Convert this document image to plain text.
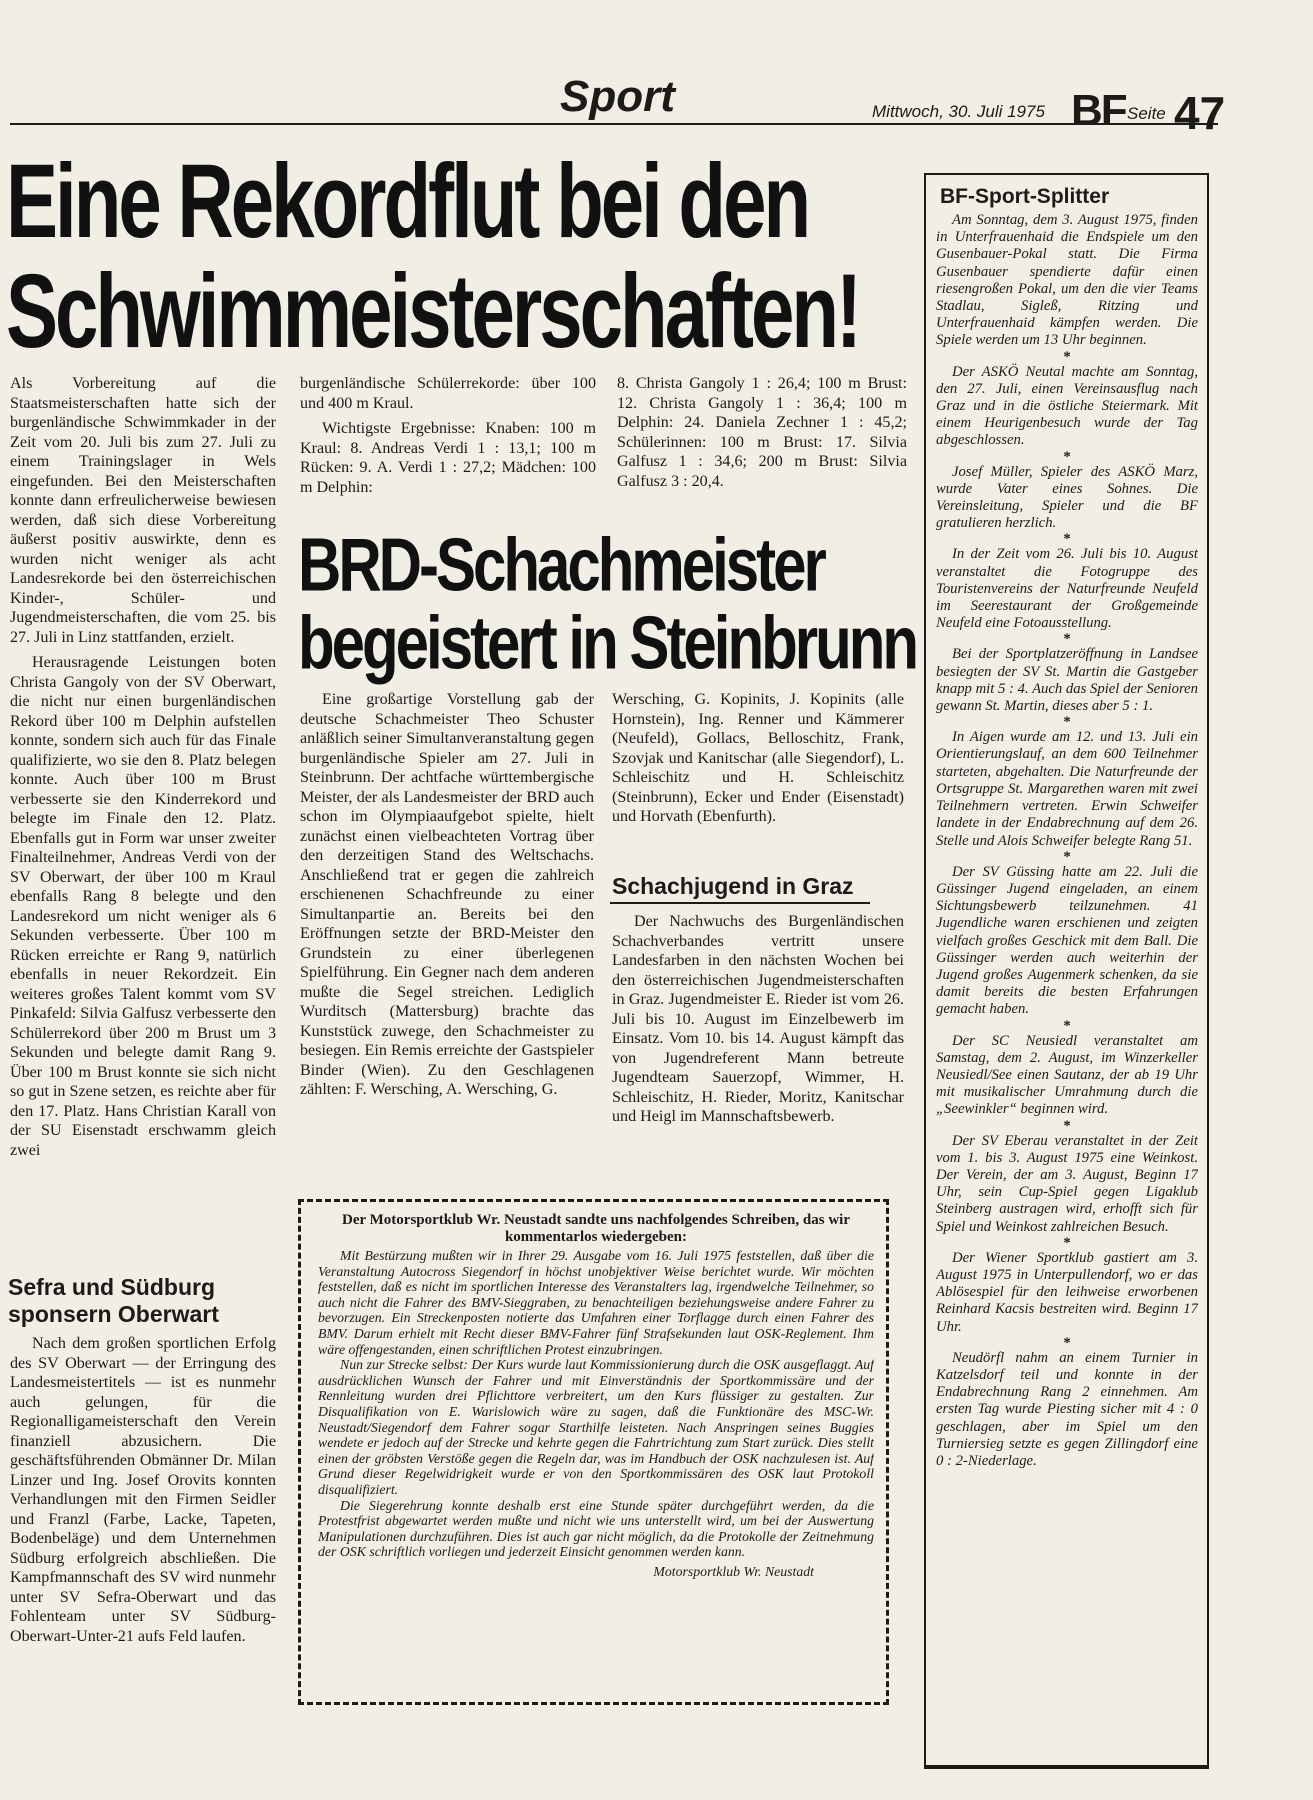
Sport	Mittwoch, 30. Juli 1975 BF Seite 47
Eine Rekordflut bei den
Schwimmeisterschaften!

Als Vorbereitung auf die Staatsmeisterschaften hatte sich der burgenländische Schwimmkader in der Zeit vom 20. Juli bis zum 27. Juli zu einem Trainingslager in Wels eingefunden. Bei den Meisterschaften konnte dann erfreulicherweise bewiesen werden, daß sich diese Vorbereitung äußerst positiv auswirkte, denn es wurden nicht weniger als acht Landesrekorde bei den österreichischen Kinder-, Schüler- und Jugendmeisterschaften, die vom 25. bis 27. Juli in Linz stattfanden, erzielt.

Herausragende Leistungen boten Christa Gangoly von der SV Oberwart, die nicht nur einen burgenländischen Rekord über 100 m Delphin aufstellen konnte, sondern sich auch für das Finale qualifizierte, wo sie den 8. Platz belegen konnte. Auch über 100 m Brust verbesserte sie den Kinderrekord und belegte im Finale den 12. Platz. Ebenfalls gut in Form war unser zweiter Finalteilnehmer, Andreas Verdi von der SV Oberwart, der über 100 m Kraul ebenfalls Rang 8 belegte und den Landesrekord um nicht weniger als 6 Sekunden verbesserte. Über 100 m Rücken erreichte er Rang 9, natürlich ebenfalls in neuer Rekordzeit. Ein weiteres großes Talent kommt vom SV Pinkafeld: Silvia Galfusz verbesserte den Schülerrekord über 200 m Brust um 3 Sekunden und belegte damit Rang 9. Über 100 m Brust konnte sie sich nicht so gut in Szene setzen, es reichte aber für den 17. Platz. Hans Christian Karall von der SU Eisenstadt erschwamm gleich zwei

burgenländische Schülerrekorde: über 100 und 400 m Kraul.

Wichtigste Ergebnisse: Knaben: 100 m Kraul: 8. Andreas Verdi 1 : 13,1; 100 m Rücken: 9. A. Verdi 1 : 27,2; Mädchen: 100 m Delphin:

8. Christa Gangoly 1 : 26,4; 100 m Brust: 12. Christa Gangoly 1 : 36,4; 100 m Delphin: 24. Daniela Zechner 1 : 45,2; Schülerinnen: 100 m Brust: 17. Silvia Galfusz 1 : 34,6; 200 m Brust: Silvia Galfusz 3 : 20,4.

BRD-Schachmeister
begeistert in Steinbrunn

Eine großartige Vorstellung gab der deutsche Schachmeister Theo Schuster anläßlich seiner Simultanveranstaltung gegen burgenländische Spieler am 27. Juli in Steinbrunn. Der achtfache württembergische Meister, der als Landesmeister der BRD auch schon im Olympiaaufgebot spielte, hielt zunächst einen vielbeachteten Vortrag über den derzeitigen Stand des Weltschachs. Anschließend trat er gegen die zahlreich erschienenen Schachfreunde zu einer Simultanpartie an. Bereits bei den Eröffnungen setzte der BRD-Meister den Grundstein zu einer überlegenen Spielführung. Ein Gegner nach dem anderen mußte die Segel streichen. Lediglich Wurditsch (Mattersburg) brachte das Kunststück zuwege, den Schachmeister zu besiegen. Ein Remis erreichte der Gastspieler Binder (Wien). Zu den Geschlagenen zählten: F. Wersching, A. Wersching, G.

Wersching, G. Kopinits, J. Kopinits (alle Hornstein), Ing. Renner und Kämmerer (Neufeld), Gollacs, Belloschitz, Frank, Szovjak und Kanitschar (alle Siegendorf), L. Schleischitz und H. Schleischitz (Steinbrunn), Ecker und Ender (Eisenstadt) und Horvath (Ebenfurth).

Schachjugend in Graz

Der Nachwuchs des Burgenländischen Schachverbandes vertritt unsere Landesfarben in den nächsten Wochen bei den österreichischen Jugendmeisterschaften in Graz. Jugendmeister E. Rieder ist vom 26. Juli bis 10. August im Einzelbewerb im Einsatz. Vom 10. bis 14. August kämpft das von Jugendreferent Mann betreute Jugendteam Sauerzopf, Wimmer, H. Schleischitz, H. Rieder, Moritz, Kanitschar und Heigl im Mannschaftsbewerb.

Sefra und Südburg
sponsern Oberwart

Nach dem großen sportlichen Erfolg des SV Oberwart — der Erringung des Landesmeistertitels — ist es nunmehr auch gelungen, für die Regionalligameisterschaft den Verein finanziell abzusichern. Die geschäftsführenden Obmänner Dr. Milan Linzer und Ing. Josef Orovits konnten Verhandlungen mit den Firmen Seidler und Franzl (Farbe, Lacke, Tapeten, Bodenbeläge) und dem Unternehmen Südburg erfolgreich abschließen. Die Kampfmannschaft des SV wird nunmehr unter SV Sefra-Oberwart und das Fohlenteam unter SV Südburg-Oberwart-Unter-21 aufs Feld laufen.

Der Motorsportklub Wr. Neustadt sandte uns nachfolgendes Schreiben, das wir kommentarlos wiedergeben:

Mit Bestürzung mußten wir in Ihrer 29. Ausgabe vom 16. Juli 1975 feststellen, daß über die Veranstaltung Autocross Siegendorf in höchst unobjektiver Weise berichtet wurde. Wir möchten feststellen, daß es nicht im sportlichen Interesse des Veranstalters lag, irgendwelche Teilnehmer, so auch nicht die Fahrer des BMV-Sieggraben, zu benachteiligen beziehungsweise andere Fahrer zu bevorzugen. Ein Streckenposten notierte das Umfahren einer Torflagge durch einen Fahrer des BMV. Darum erhielt mit Recht dieser BMV-Fahrer fünf Strafsekunden laut OSK-Reglement. Ihm wäre offengestanden, einen schriftlichen Protest einzubringen.

Nun zur Strecke selbst: Der Kurs wurde laut Kommissionierung durch die OSK ausgeflaggt. Auf ausdrücklichen Wunsch der Fahrer und mit Einverständnis der Sportkommissäre und der Rennleitung wurden drei Pflichttore verbreitert, um den Kurs flüssiger zu gestalten. Zur Disqualifikation von E. Warislowich wäre zu sagen, daß die Funktionäre des MSC-Wr. Neustadt/Siegendorf dem Fahrer sogar Starthilfe leisteten. Nach Anspringen seines Buggies wendete er jedoch auf der Strecke und kehrte gegen die Fahrtrichtung zum Start zurück. Dies stellt einen der gröbsten Verstöße gegen die Regeln dar, was im Handbuch der OSK nachzulesen ist. Auf Grund dieser Regelwidrigkeit wurde er von den Sportkommissären des OSK laut Protokoll disqualifiziert.

Die Siegerehrung konnte deshalb erst eine Stunde später durchgeführt werden, da die Protestfrist abgewartet werden mußte und nicht wie uns unterstellt wird, um bei der Auswertung Manipulationen durchzuführen. Dies ist auch gar nicht möglich, da die Protokolle der Zeitnehmung der OSK schriftlich vorliegen und jederzeit Einsicht genommen werden kann.

Motorsportklub Wr. Neustadt
BF-Sport-Splitter

Am Sonntag, dem 3. August 1975, finden in Unterfrauenhaid die Endspiele um den Gusenbauer-Pokal statt. Die Firma Gusenbauer spendierte dafür einen riesengroßen Pokal, um den die vier Teams Stadlau, Sigleß, Ritzing und Unterfrauenhaid kämpfen werden. Die Spiele werden um 13 Uhr beginnen.

*

Der ASKÖ Neutal machte am Sonntag, den 27. Juli, einen Vereinsausflug nach Graz und in die östliche Steiermark. Mit einem Heurigenbesuch wurde der Tag abgeschlossen.

*

Josef Müller, Spieler des ASKÖ Marz, wurde Vater eines Sohnes. Die Vereinsleitung, Spieler und die BF gratulieren herzlich.

*

In der Zeit vom 26. Juli bis 10. August veranstaltet die Fotogruppe des Touristenvereins der Naturfreunde Neufeld im Seerestaurant der Großgemeinde Neufeld eine Fotoausstellung.

*

Bei der Sportplatzeröffnung in Landsee besiegten der SV St. Martin die Gastgeber knapp mit 5 : 4. Auch das Spiel der Senioren gewann St. Martin, dieses aber 5 : 1.

*

In Aigen wurde am 12. und 13. Juli ein Orientierungslauf, an dem 600 Teilnehmer starteten, abgehalten. Die Naturfreunde der Ortsgruppe St. Margarethen waren mit zwei Teilnehmern vertreten. Erwin Schweifer landete in der Endabrechnung auf dem 26. Stelle und Alois Schweifer belegte Rang 51.

*

Der SV Güssing hatte am 22. Juli die Güssinger Jugend eingeladen, an einem Sichtungsbewerb teilzunehmen. 41 Jugendliche waren erschienen und zeigten vielfach großes Geschick mit dem Ball. Die Güssinger werden auch weiterhin der Jugend großes Augenmerk schenken, da sie damit bereits die besten Erfahrungen gemacht haben.

*

Der SC Neusiedl veranstaltet am Samstag, dem 2. August, im Winzerkeller Neusiedl/See einen Sautanz, der ab 19 Uhr mit musikalischer Umrahmung durch die „Seewinkler“ beginnen wird.

*

Der SV Eberau veranstaltet in der Zeit vom 1. bis 3. August 1975 eine Weinkost. Der Verein, der am 3. August, Beginn 17 Uhr, sein Cup-Spiel gegen Ligaklub Steinberg austragen wird, erhofft sich für Spiel und Weinkost zahlreichen Besuch.

*

Der Wiener Sportklub gastiert am 3. August 1975 in Unterpullendorf, wo er das Ablösespiel für den leihweise erworbenen Reinhard Kacsis bestreiten wird. Beginn 17 Uhr.

*

Neudörfl nahm an einem Turnier in Katzelsdorf teil und konnte in der Endabrechnung Rang 2 einnehmen. Am ersten Tag wurde Piesting sicher mit 4 : 0 geschlagen, aber im Spiel um den Turniersieg setzte es gegen Zillingdorf eine 0 : 2-Niederlage.
